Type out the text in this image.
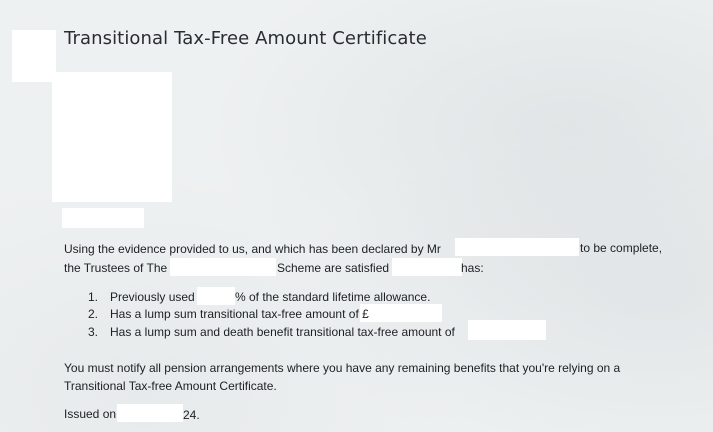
Transitional Tax-Free Amount Certificate
Using the evidence provided to us, and which has been declared by Mr	to be complete,
the Trustees of The	Scheme are satisfied	has:
1. Previously used	% of the standard lifetime allowance.
2. Has a lump sum transitional tax-free amount of £
3. Has a lump sum and death benefit transitional tax-free amount of
You must notify all pension arrangements where you have any remaining benefits that you're relying on a
Transitional Tax-free Amount Certificate.
Issued on	24.
